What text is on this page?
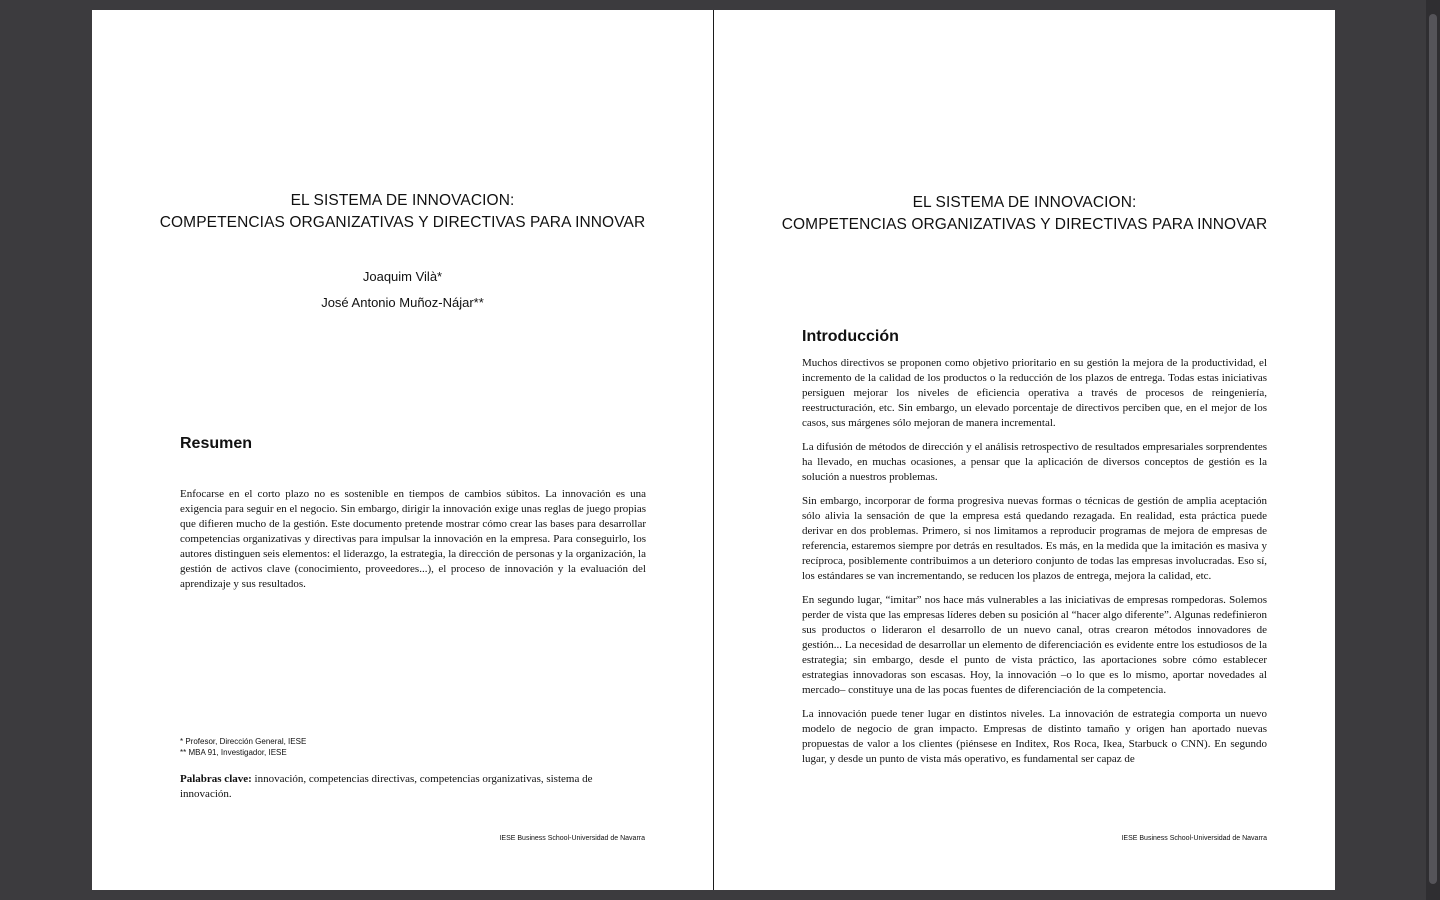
EL SISTEMA DE INNOVACION:
COMPETENCIAS ORGANIZATIVAS Y DIRECTIVAS PARA INNOVAR
Joaquim Vilà*
José Antonio Muñoz-Nájar**
Resumen

Enfocarse en el corto plazo no es sostenible en tiempos de cambios súbitos. La innovación es una exigencia para seguir en el negocio. Sin embargo, dirigir la innovación exige unas reglas de juego propias que difieren mucho de la gestión. Este documento pretende mostrar cómo crear las bases para desarrollar competencias organizativas y directivas para impulsar la innovación en la empresa. Para conseguirlo, los autores distinguen seis elementos: el liderazgo, la estrategia, la dirección de personas y la organización, la gestión de activos clave (conocimiento, proveedores...), el proceso de innovación y la evaluación del aprendizaje y sus resultados.

* Profesor, Dirección General, IESE
** MBA 91, Investigador, IESE

Palabras clave: innovación, competencias directivas, competencias organizativas, sistema de innovación.

IESE Business School-Universidad de Navarra
EL SISTEMA DE INNOVACION:
COMPETENCIAS ORGANIZATIVAS Y DIRECTIVAS PARA INNOVAR
Introducción

Muchos directivos se proponen como objetivo prioritario en su gestión la mejora de la productividad, el incremento de la calidad de los productos o la reducción de los plazos de entrega. Todas estas iniciativas persiguen mejorar los niveles de eficiencia operativa a través de procesos de reingeniería, reestructuración, etc. Sin embargo, un elevado porcentaje de directivos perciben que, en el mejor de los casos, sus márgenes sólo mejoran de manera incremental.

La difusión de métodos de dirección y el análisis retrospectivo de resultados empresariales sorprendentes ha llevado, en muchas ocasiones, a pensar que la aplicación de diversos conceptos de gestión es la solución a nuestros problemas.

Sin embargo, incorporar de forma progresiva nuevas formas o técnicas de gestión de amplia aceptación sólo alivia la sensación de que la empresa está quedando rezagada. En realidad, esta práctica puede derivar en dos problemas. Primero, si nos limitamos a reproducir programas de mejora de empresas de referencia, estaremos siempre por detrás en resultados. Es más, en la medida que la imitación es masiva y recíproca, posiblemente contribuimos a un deterioro conjunto de todas las empresas involucradas. Eso sí, los estándares se van incrementando, se reducen los plazos de entrega, mejora la calidad, etc.

En segundo lugar, “imitar” nos hace más vulnerables a las iniciativas de empresas rompedoras. Solemos perder de vista que las empresas líderes deben su posición al “hacer algo diferente”. Algunas redefinieron sus productos o lideraron el desarrollo de un nuevo canal, otras crearon métodos innovadores de gestión... La necesidad de desarrollar un elemento de diferenciación es evidente entre los estudiosos de la estrategia; sin embargo, desde el punto de vista práctico, las aportaciones sobre cómo establecer estrategias innovadoras son escasas. Hoy, la innovación –o lo que es lo mismo, aportar novedades al mercado– constituye una de las pocas fuentes de diferenciación de la competencia.

La innovación puede tener lugar en distintos niveles. La innovación de estrategia comporta un nuevo modelo de negocio de gran impacto. Empresas de distinto tamaño y origen han aportado nuevas propuestas de valor a los clientes (piénsese en Inditex, Ros Roca, Ikea, Starbuck o CNN). En segundo lugar, y desde un punto de vista más operativo, es fundamental ser capaz de

IESE Business School-Universidad de Navarra
